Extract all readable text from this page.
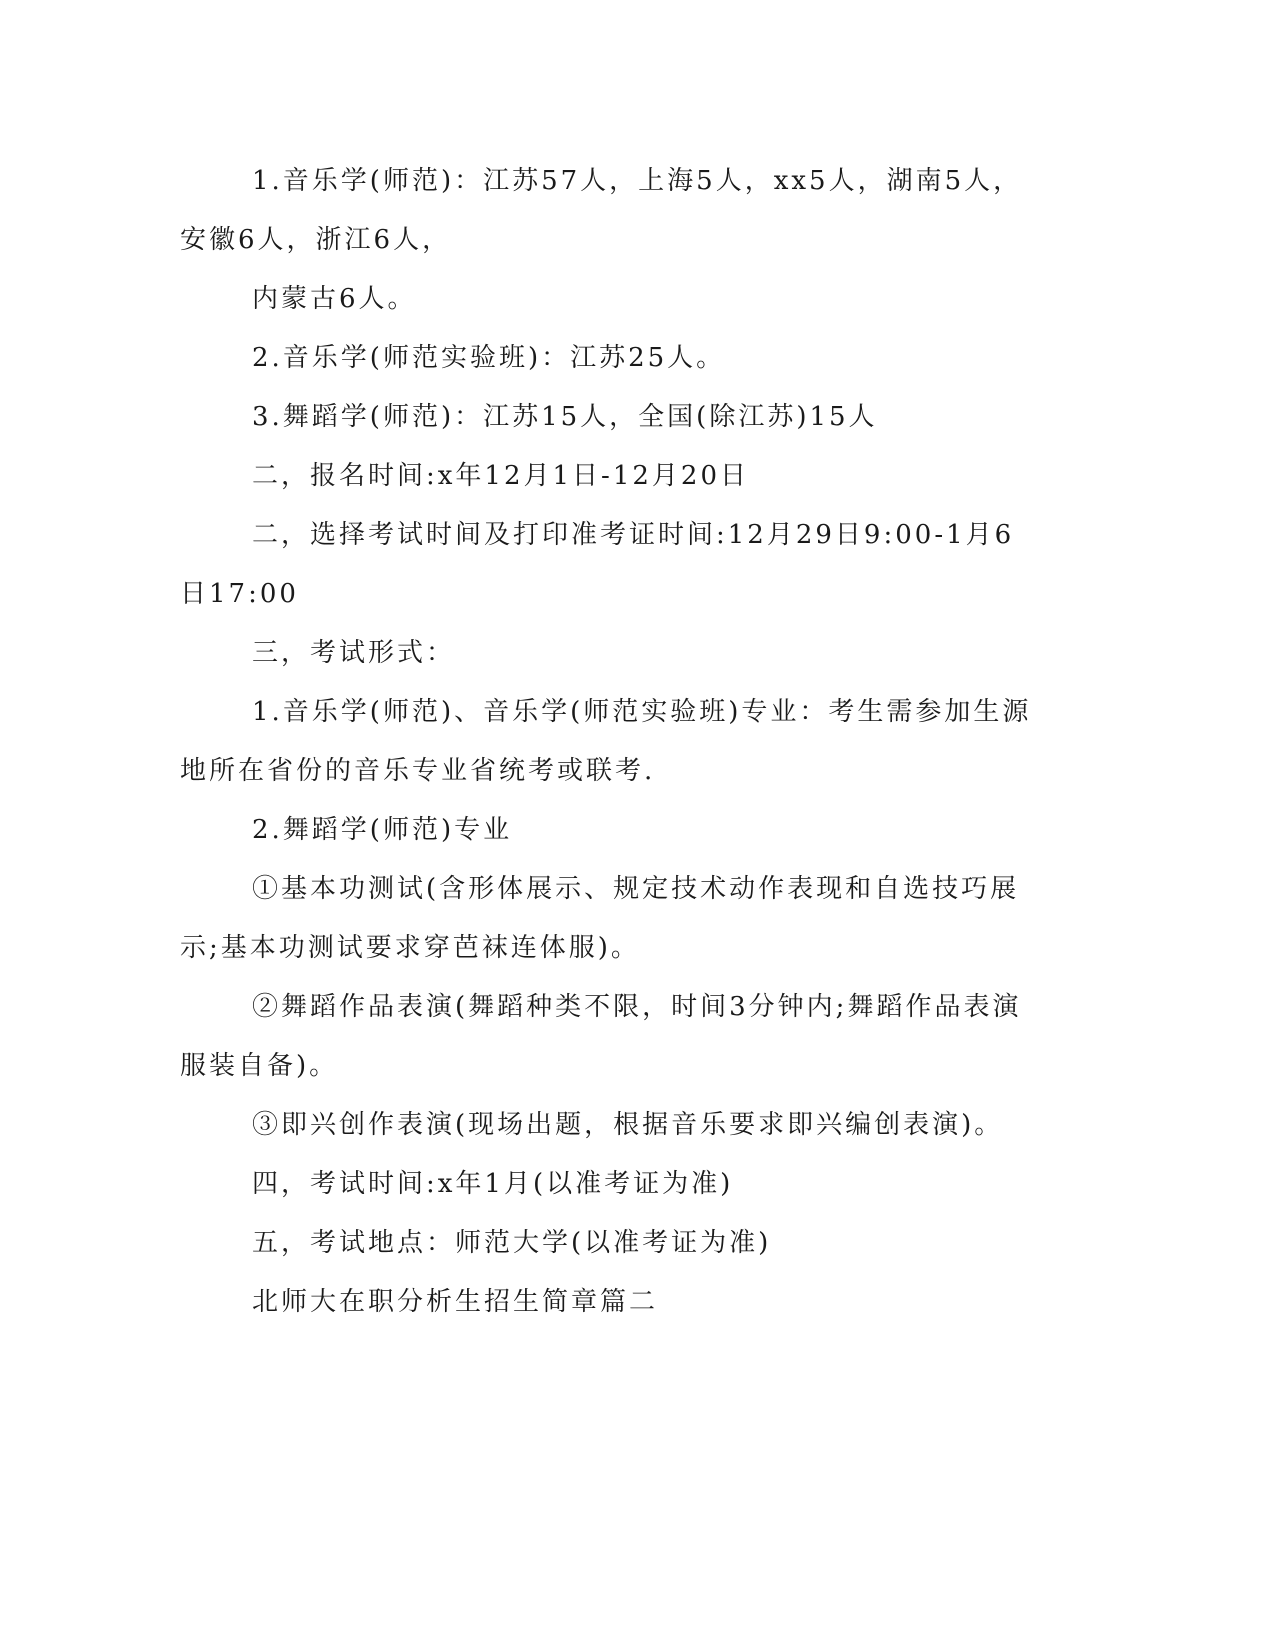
1.音乐学(师范)：江苏57人，上海5人，xx5人，湖南5人，安徽6人，浙江6人，

内蒙古6人。

2.音乐学(师范实验班)：江苏25人。

3.舞蹈学(师范)：江苏15人，全国(除江苏)15人

二，报名时间:x年12月1日-12月20日

二，选择考试时间及打印准考证时间:12月29日9:00-1月6日17:00

三，考试形式：

1.音乐学(师范)、音乐学(师范实验班)专业：考生需参加生源地所在省份的音乐专业省统考或联考.

2.舞蹈学(师范)专业

①基本功测试(含形体展示、规定技术动作表现和自选技巧展示;基本功测试要求穿芭袜连体服)。

②舞蹈作品表演(舞蹈种类不限，时间3分钟内;舞蹈作品表演服装自备)。

③即兴创作表演(现场出题，根据音乐要求即兴编创表演)。

四，考试时间:x年1月(以准考证为准)

五，考试地点：师范大学(以准考证为准)

北师大在职分析生招生简章篇二
